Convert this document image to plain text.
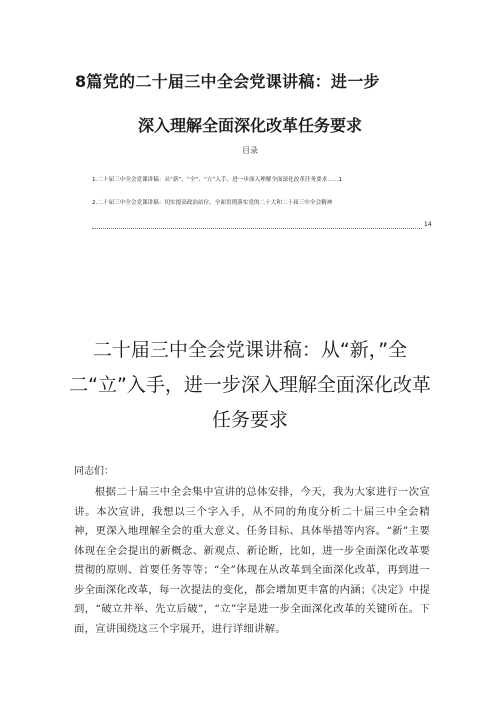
8篇党的二十届三中全会党课讲稿：进一步
深入理解全面深化改革任务要求
目录
1.二十届三中全会党课讲稿：从“新”、“全”、“立”入手，进一步深入理解全面深化改革任务要求……1
2.二十届三中全会党课讲稿：切实提高政治站位，全面贯彻落实党的二十大和二十届三中全会精神
14
二十届三中全会党课讲稿：从“新，”全二“立”入手，进一步深入理解全面深化改革任务要求
同志们：
根据二十届三中全会集中宣讲的总体安排，今天，我为大家进行一次宣讲。本次宣讲，我想以三个字入手，从不同的角度分析二十届三中全会精神，更深入地理解全会的重大意义、任务目标、具体举措等内容。“新”主要体现在全会提出的新概念、新观点、新论断，比如，进一步全面深化改革要贯彻的原则、首要任务等等；“全”体现在从改革到全面深化改革，再到进一步全面深化改革，每一次提法的变化，都会增加更丰富的内涵；《决定》中提到，“破立并举、先立后破”，“立”字是进一步全面深化改革的关键所在。下面，宣讲围绕这三个字展开，进行详细讲解。
